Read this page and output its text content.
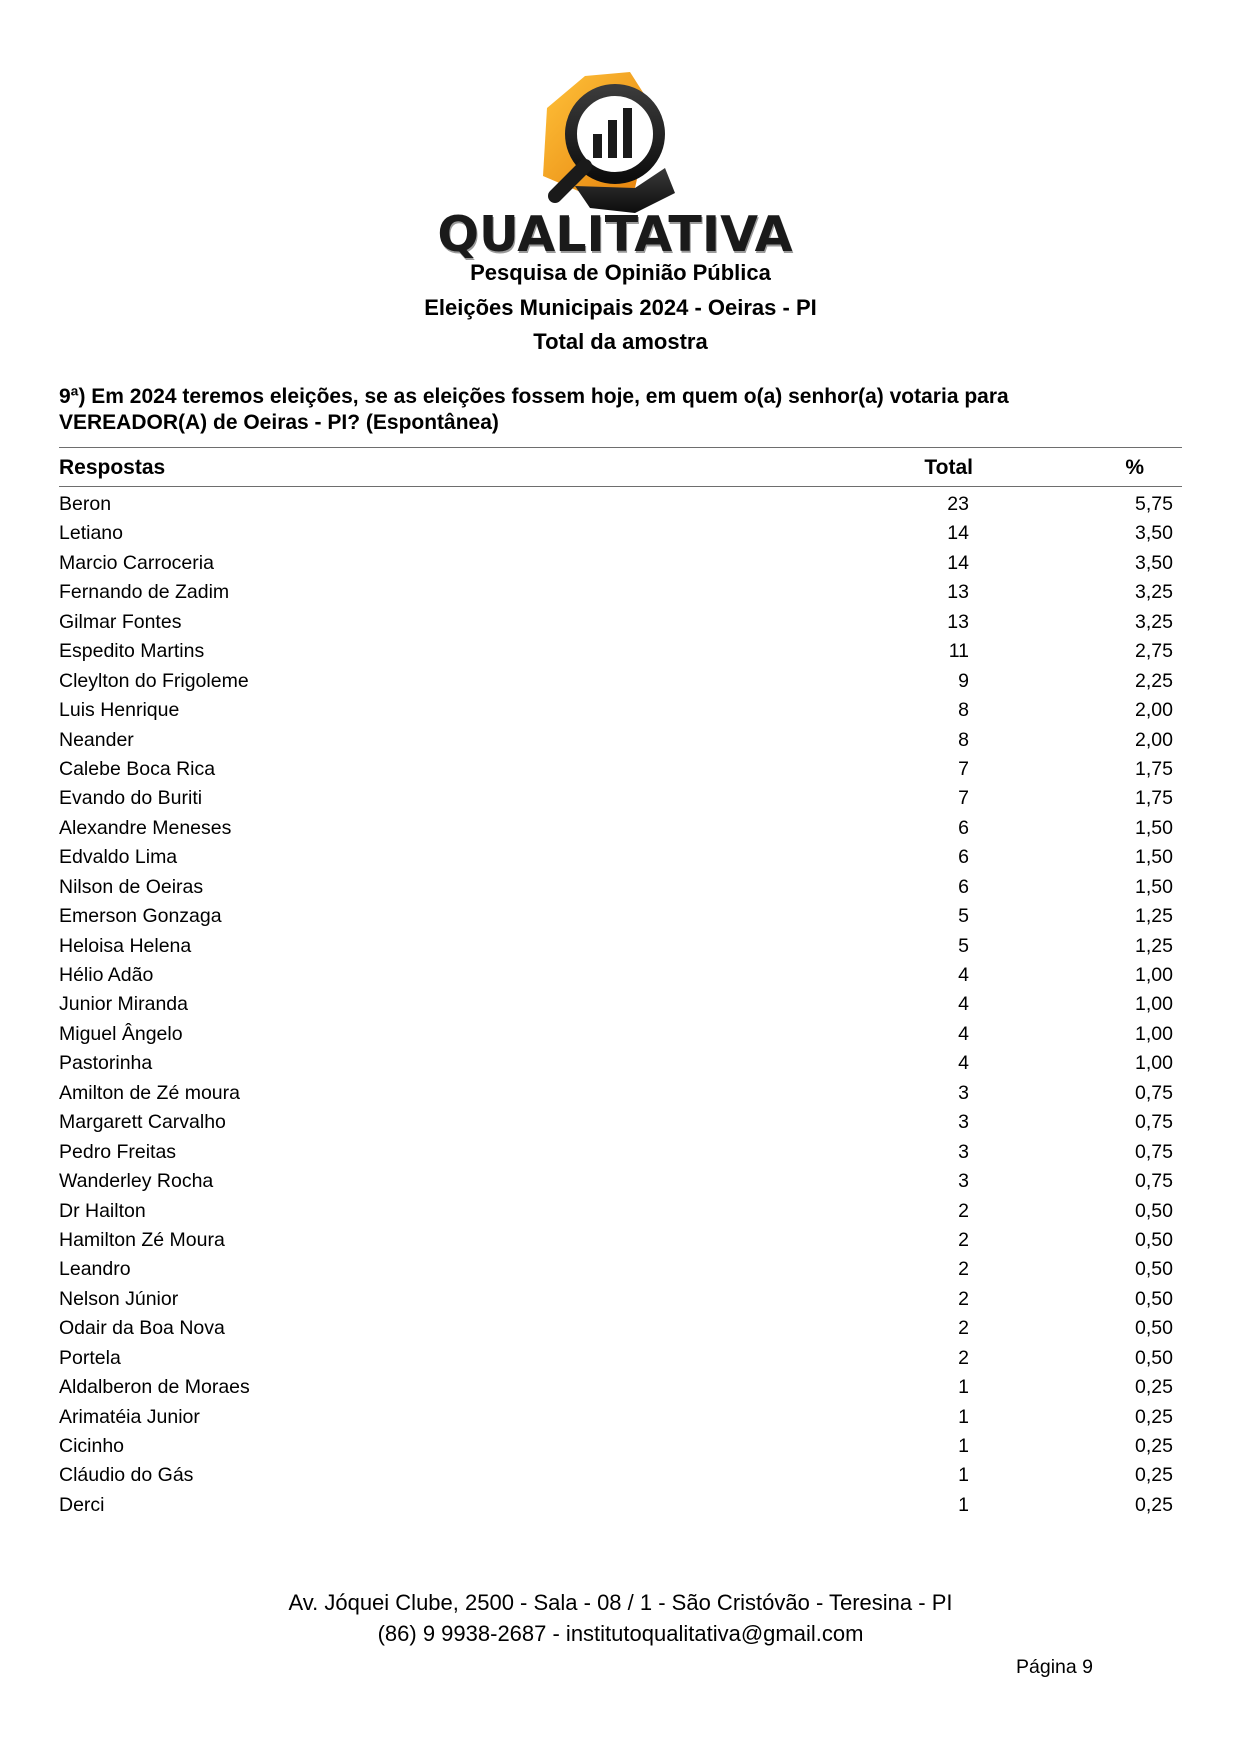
QUALITATIVA
Pesquisa de Opinião Pública
Eleições Municipais 2024 - Oeiras - PI
Total da amostra
9ª) Em 2024 teremos eleições, se as eleições fossem hoje, em quem o(a) senhor(a) votaria para
VEREADOR(A) de Oeiras - PI? (Espontânea)
Respostas	Total	%
Beron	23	5,75
Letiano	14	3,50
Marcio Carroceria	14	3,50
Fernando de Zadim	13	3,25
Gilmar Fontes	13	3,25
Espedito Martins	11	2,75
Cleylton do Frigoleme	9	2,25
Luis Henrique	8	2,00
Neander	8	2,00
Calebe Boca Rica	7	1,75
Evando do Buriti	7	1,75
Alexandre Meneses	6	1,50
Edvaldo Lima	6	1,50
Nilson de Oeiras	6	1,50
Emerson Gonzaga	5	1,25
Heloisa Helena	5	1,25
Hélio Adão	4	1,00
Junior Miranda	4	1,00
Miguel Ângelo	4	1,00
Pastorinha	4	1,00
Amilton de Zé moura	3	0,75
Margarett Carvalho	3	0,75
Pedro Freitas	3	0,75
Wanderley Rocha	3	0,75
Dr Hailton	2	0,50
Hamilton Zé Moura	2	0,50
Leandro	2	0,50
Nelson Júnior	2	0,50
Odair da Boa Nova	2	0,50
Portela	2	0,50
Aldalberon de Moraes	1	0,25
Arimatéia Junior	1	0,25
Cicinho	1	0,25
Cláudio do Gás	1	0,25
Derci	1	0,25
Av. Jóquei Clube, 2500 - Sala - 08 / 1 - São Cristóvão - Teresina - PI
(86) 9 9938-2687 - institutoqualitativa@gmail.com
Página 9
